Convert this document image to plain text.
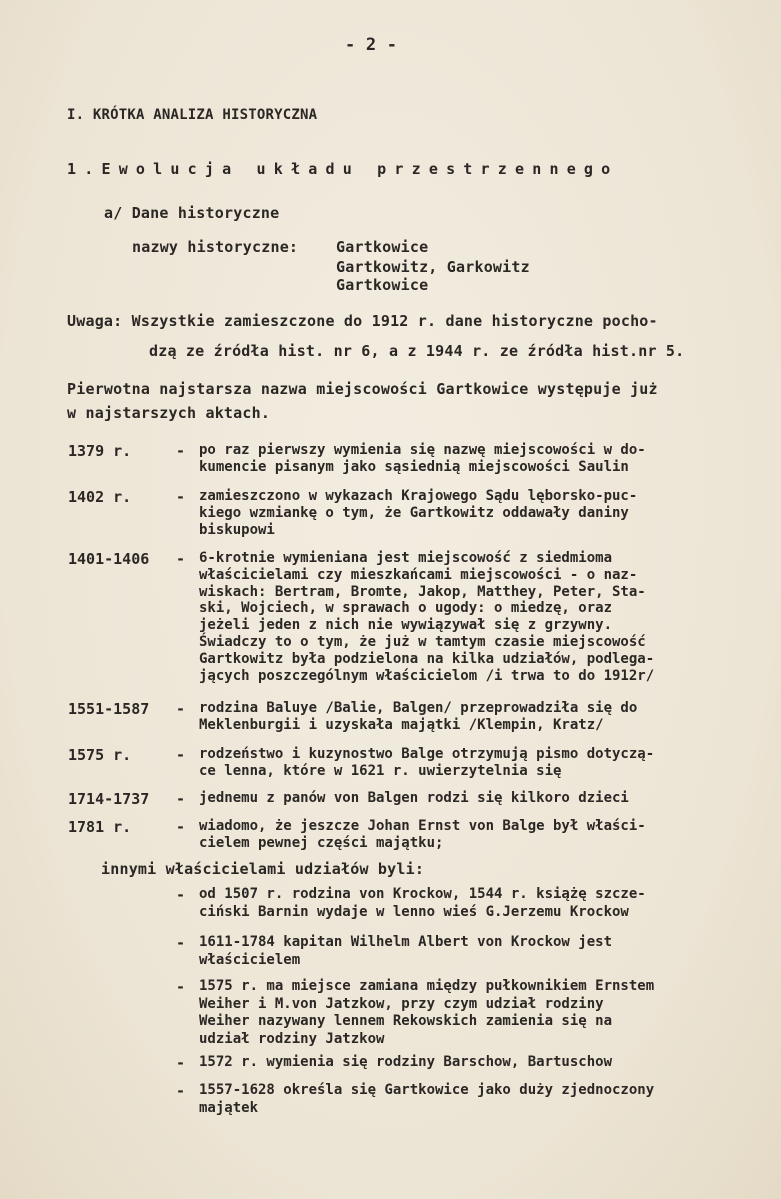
- 2 -
I. KRÓTKA ANALIZA HISTORYCZNA
1.Ewolucja układu przestrzennego
a/ Dane historyczne
nazwy historyczne:	Gartkowice
Gartkowitz, Garkowitz
Gartkowice
Uwaga: Wszystkie zamieszczone do 1912 r. dane historyczne pocho-
dzą ze źródła hist. nr 6, a z 1944 r. ze źródła hist.nr 5.
Pierwotna najstarsza nazwa miejscowości Gartkowice występuje już
w najstarszych aktach.
1379 r.	- po raz pierwszy wymienia się nazwę miejscowości w do-
kumencie pisanym jako sąsiednią miejscowości Saulin
1402 r.	- zamieszczono w wykazach Krajowego Sądu lęborsko-puc-
kiego wzmiankę o tym, że Gartkowitz oddawały daniny
biskupowi
1401-1406 - 6-krotnie wymieniana jest miejscowość z siedmioma
właścicielami czy mieszkańcami miejscowości - o naz-
wiskach: Bertram, Bromte, Jakop, Matthey, Peter, Sta-
ski, Wojciech, w sprawach o ugody: o miedzę, oraz
jeżeli jeden z nich nie wywiązywał się z grzywny.
Świadczy to o tym, że już w tamtym czasie miejscowość
Gartkowitz była podzielona na kilka udziałów, podlega-
jących poszczególnym właścicielom /i trwa to do 1912r/
1551-1587 - rodzina Baluye /Balie, Balgen/ przeprowadziła się do
Meklenburgii i uzyskała majątki /Klempin, Kratz/
1575 r.	- rodzeństwo i kuzynostwo Balge otrzymują pismo dotyczą-
ce lenna, które w 1621 r. uwierzytelnia się
1714-1737 - jednemu z panów von Balgen rodzi się kilkoro dzieci
1781 r.	- wiadomo, że jeszcze Johan Ernst von Balge był właści-
cielem pewnej części majątku;
innymi właścicielami udziałów byli:
- od 1507 r. rodzina von Krockow, 1544 r. książę szcze-
ciński Barnin wydaje w lenno wieś G.Jerzemu Krockow
- 1611-1784 kapitan Wilhelm Albert von Krockow jest
właścicielem
- 1575 r. ma miejsce zamiana między pułkownikiem Ernstem
Weiher i M.von Jatzkow, przy czym udział rodziny
Weiher nazywany lennem Rekowskich zamienia się na
udział rodziny Jatzkow
- 1572 r. wymienia się rodziny Barschow, Bartuschow
- 1557-1628 określa się Gartkowice jako duży zjednoczony
majątek
